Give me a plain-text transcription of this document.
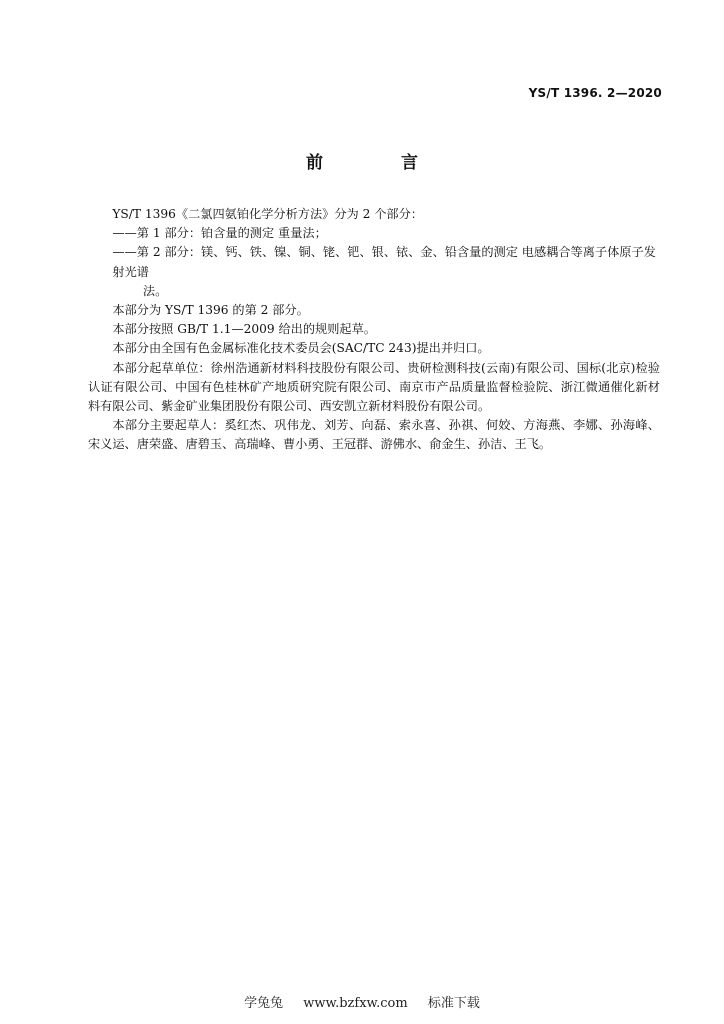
YS/T 1396. 2—2020
前 言

YS/T 1396《二氯四氨铂化学分析方法》分为 2 个部分：

——第 1 部分：铂含量的测定 重量法；

——第 2 部分：镁、钙、铁、镍、铜、铑、钯、银、铱、金、铅含量的测定 电感耦合等离子体原子发射光谱
法。

本部分为 YS/T 1396 的第 2 部分。

本部分按照 GB/T 1.1—2009 给出的规则起草。

本部分由全国有色金属标准化技术委员会(SAC/TC 243)提出并归口。

本部分起草单位：徐州浩通新材料科技股份有限公司、贵研检测科技(云南)有限公司、国标(北京)检验认证有限公司、中国有色桂林矿产地质研究院有限公司、南京市产品质量监督检验院、浙江微通催化新材料有限公司、紫金矿业集团股份有限公司、西安凯立新材料股份有限公司。

本部分主要起草人：奚红杰、巩伟龙、刘芳、向磊、索永喜、孙祺、何姣、方海燕、李娜、孙海峰、宋义运、唐荣盛、唐碧玉、高瑞峰、曹小勇、王冠群、游佛水、俞金生、孙洁、王飞。

学兔兔 www.bzfxw.com 标准下载
